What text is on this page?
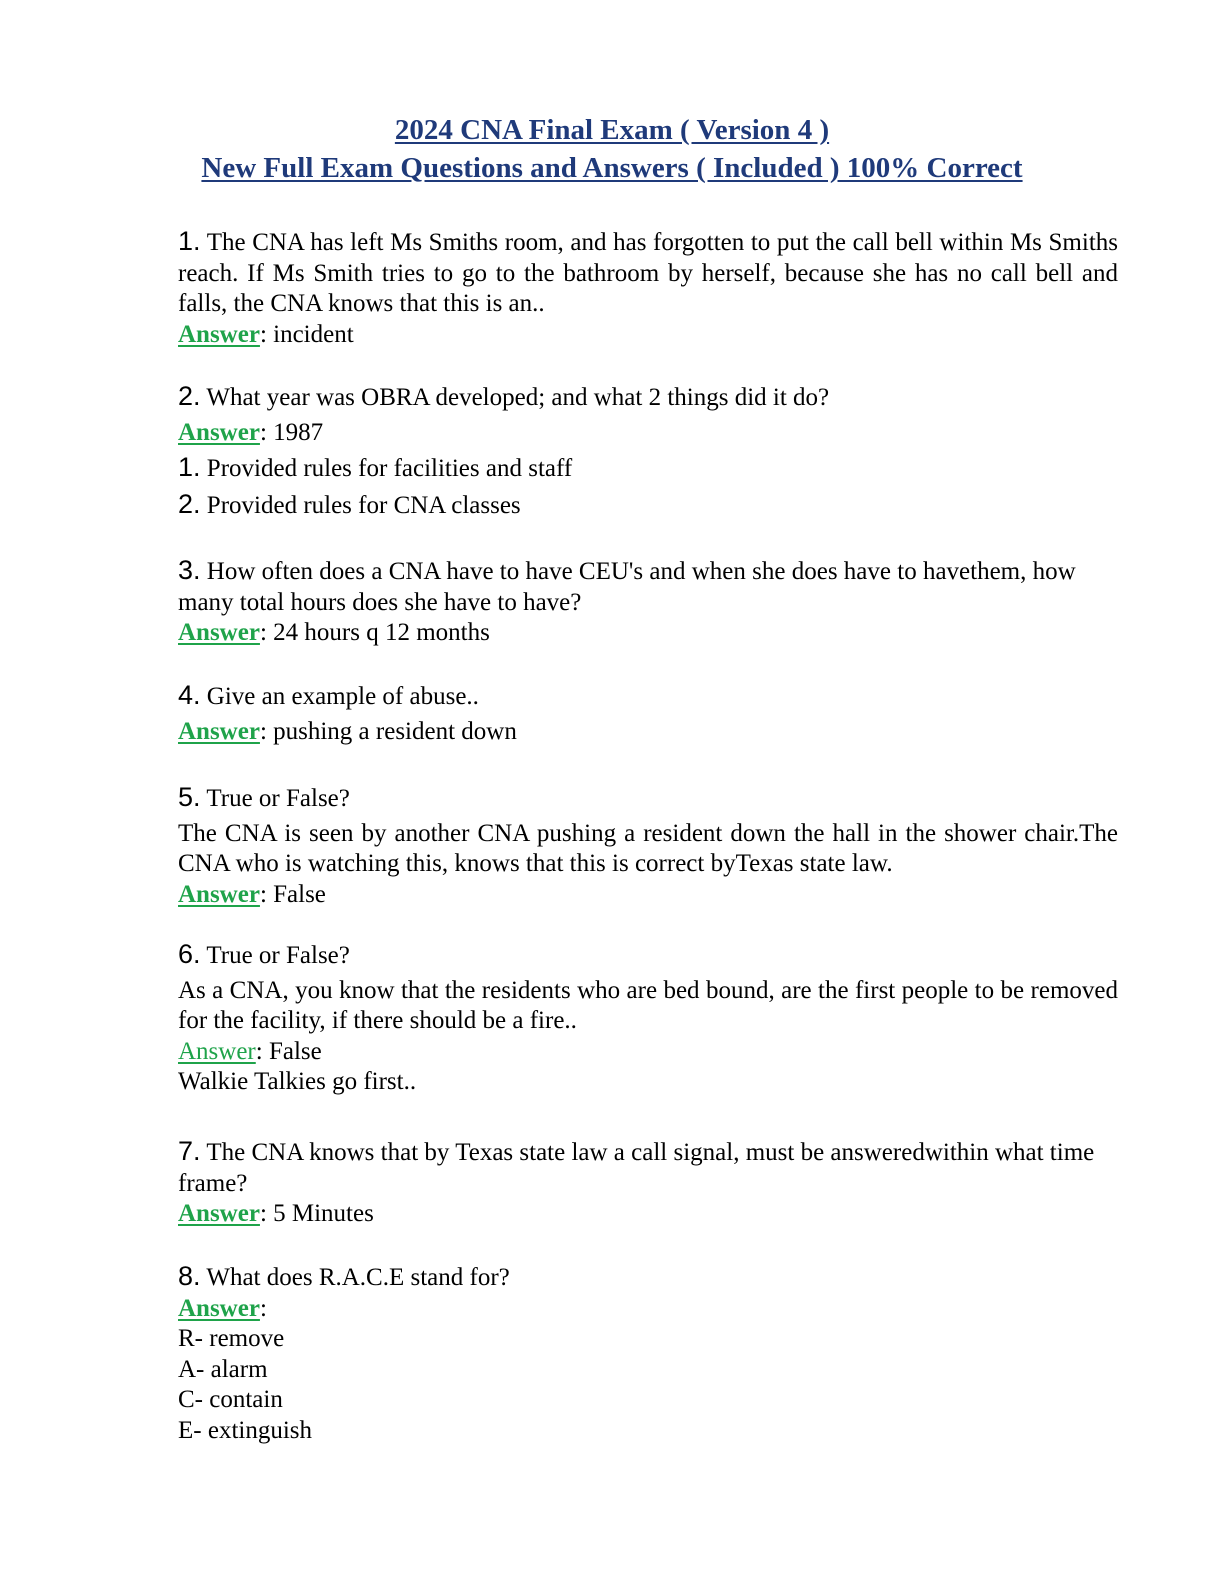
2024 CNA Final Exam ( Version 4 )
New Full Exam Questions and Answers ( Included ) 100% Correct
1. The CNA has left Ms Smiths room, and has forgotten to put the call bell within Ms Smiths reach. If Ms Smith tries to go to the bathroom by herself, because she has no call bell and falls, the CNA knows that this is an..
Answer: incident
2. What year was OBRA developed; and what 2 things did it do?
Answer: 1987
1. Provided rules for facilities and staff
2. Provided rules for CNA classes
3. How often does a CNA have to have CEU's and when she does have to havethem, how many total hours does she have to have?
Answer: 24 hours q 12 months
4. Give an example of abuse..
Answer: pushing a resident down
5. True or False?
The CNA is seen by another CNA pushing a resident down the hall in the shower chair.The CNA who is watching this, knows that this is correct byTexas state law.
Answer: False
6. True or False?
As a CNA, you know that the residents who are bed bound, are the first people to be removed for the facility, if there should be a fire..
Answer: False
Walkie Talkies go first..
7. The CNA knows that by Texas state law a call signal, must be answeredwithin what time frame?
Answer: 5 Minutes
8. What does R.A.C.E stand for?
Answer:
R- remove
A- alarm
C- contain
E- extinguish
